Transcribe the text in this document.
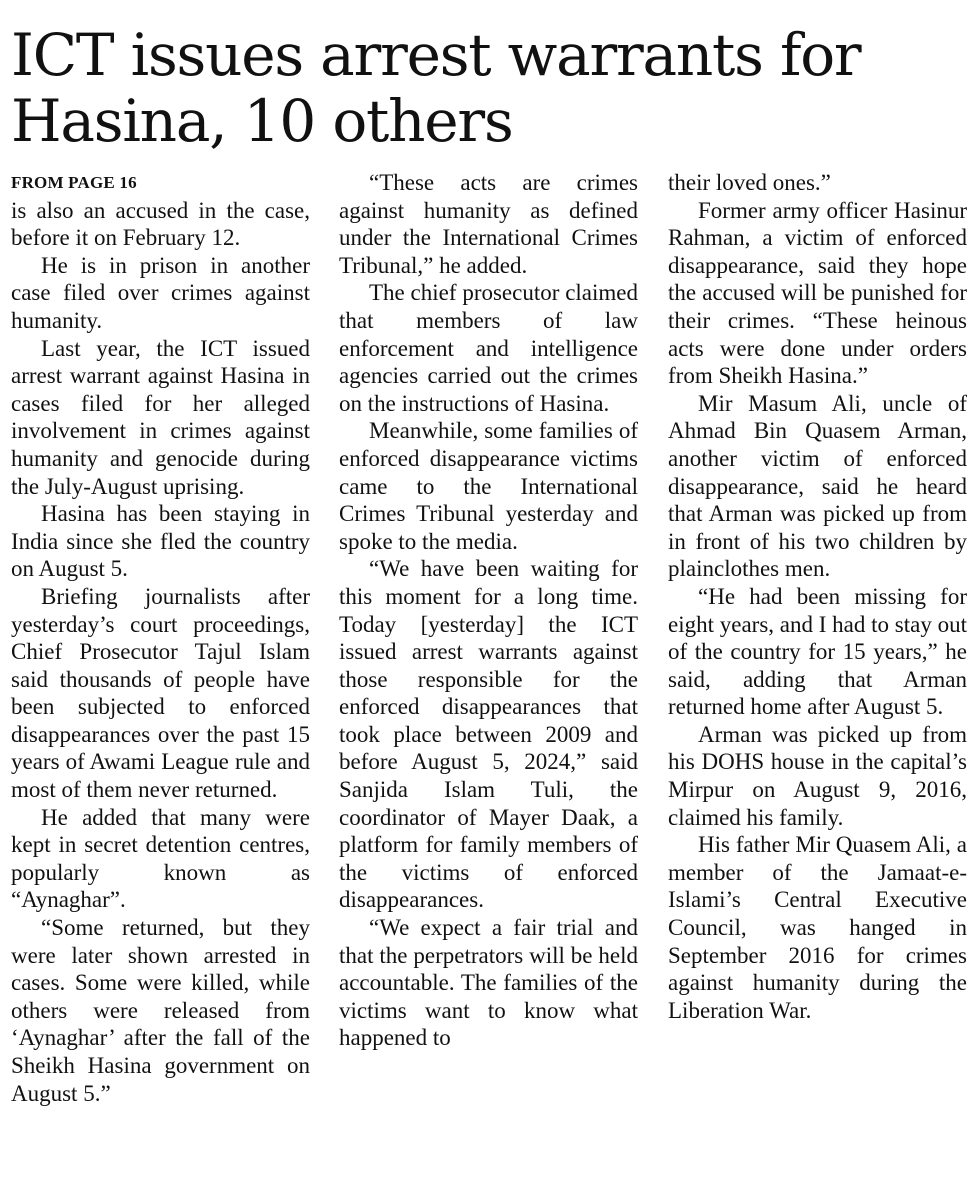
ICT issues arrest warrants for Hasina, 10 others
FROM PAGE 16

is also an accused in the case, before it on February 12.

He is in prison in another case filed over crimes against humanity.

Last year, the ICT issued arrest warrant against Hasina in cases filed for her alleged involvement in crimes against humanity and genocide during the July-August uprising.

Hasina has been staying in India since she fled the country on August 5.

Briefing journalists after yesterday’s court proceedings, Chief Prosecutor Tajul Islam said thousands of people have been subjected to enforced disappearances over the past 15 years of Awami League rule and most of them never returned.

He added that many were kept in secret detention centres, popularly known as “Aynaghar”.

“Some returned, but they were later shown arrested in cases. Some were killed, while others were released from ‘Aynaghar’ after the fall of the Sheikh Hasina government on August 5.”

“These acts are crimes against humanity as defined under the International Crimes Tribunal,” he added.

The chief prosecutor claimed that members of law enforcement and intelligence agencies carried out the crimes on the instructions of Hasina.

Meanwhile, some families of enforced disappearance victims came to the International Crimes Tribunal yesterday and spoke to the media.

“We have been waiting for this moment for a long time. Today [yesterday] the ICT issued arrest warrants against those responsible for the enforced disappearances that took place between 2009 and before August 5, 2024,” said Sanjida Islam Tuli, the coordinator of Mayer Daak, a platform for family members of the victims of enforced disappearances.

“We expect a fair trial and that the perpetrators will be held accountable. The families of the victims want to know what happened to

their loved ones.”

Former army officer Hasinur Rahman, a victim of enforced disappearance, said they hope the accused will be punished for their crimes. “These heinous acts were done under orders from Sheikh Hasina.”

Mir Masum Ali, uncle of Ahmad Bin Quasem Arman, another victim of enforced disappearance, said he heard that Arman was picked up from in front of his two children by plainclothes men.

“He had been missing for eight years, and I had to stay out of the country for 15 years,” he said, adding that Arman returned home after August 5.

Arman was picked up from his DOHS house in the capital’s Mirpur on August 9, 2016, claimed his family.

His father Mir Quasem Ali, a member of the Jamaat-e-Islami’s Central Executive Council, was hanged in September 2016 for crimes against humanity during the Liberation War.
